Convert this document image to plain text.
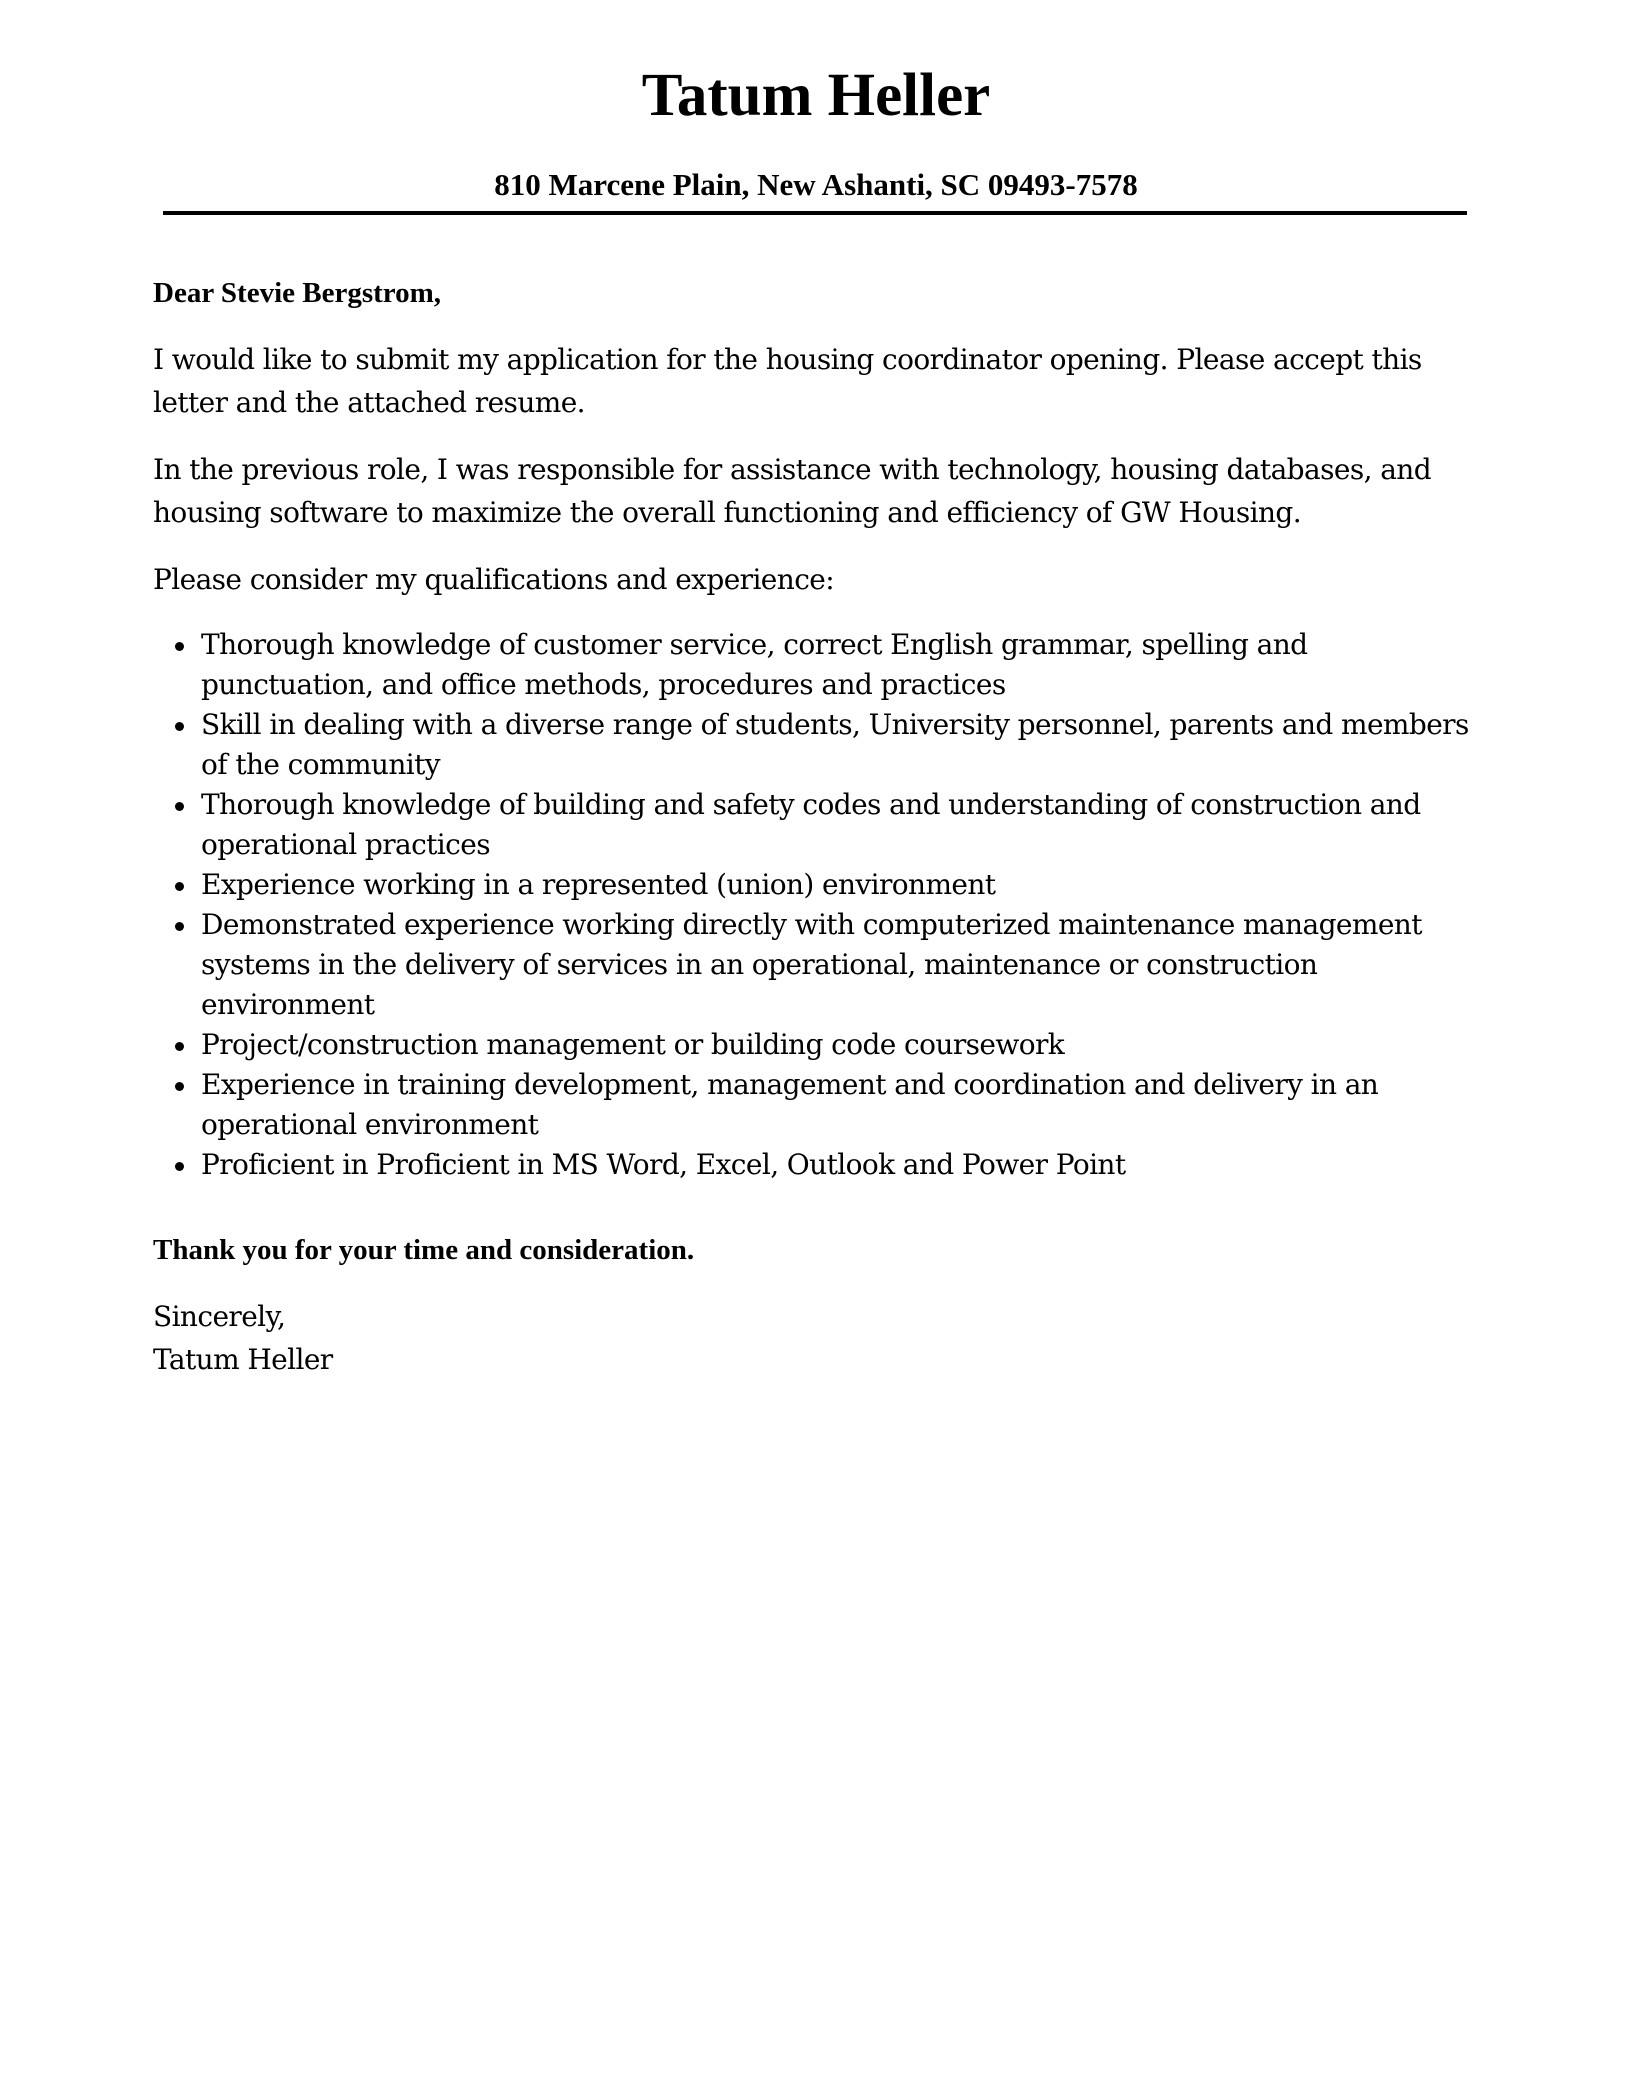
Tatum Heller
810 Marcene Plain, New Ashanti, SC 09493-7578

Dear Stevie Bergstrom,

I would like to submit my application for the housing coordinator opening. Please accept this letter and the attached resume.

In the previous role, I was responsible for assistance with technology, housing databases, and housing software to maximize the overall functioning and efficiency of GW Housing.

Please consider my qualifications and experience:

Thorough knowledge of customer service, correct English grammar, spelling and punctuation, and office methods, procedures and practices
Skill in dealing with a diverse range of students, University personnel, parents and members of the community
Thorough knowledge of building and safety codes and understanding of construction and operational practices
Experience working in a represented (union) environment
Demonstrated experience working directly with computerized maintenance management systems in the delivery of services in an operational, maintenance or construction environment
Project/construction management or building code coursework
Experience in training development, management and coordination and delivery in an operational environment
Proficient in Proficient in MS Word, Excel, Outlook and Power Point

Thank you for your time and consideration.

Sincerely,

Tatum Heller
